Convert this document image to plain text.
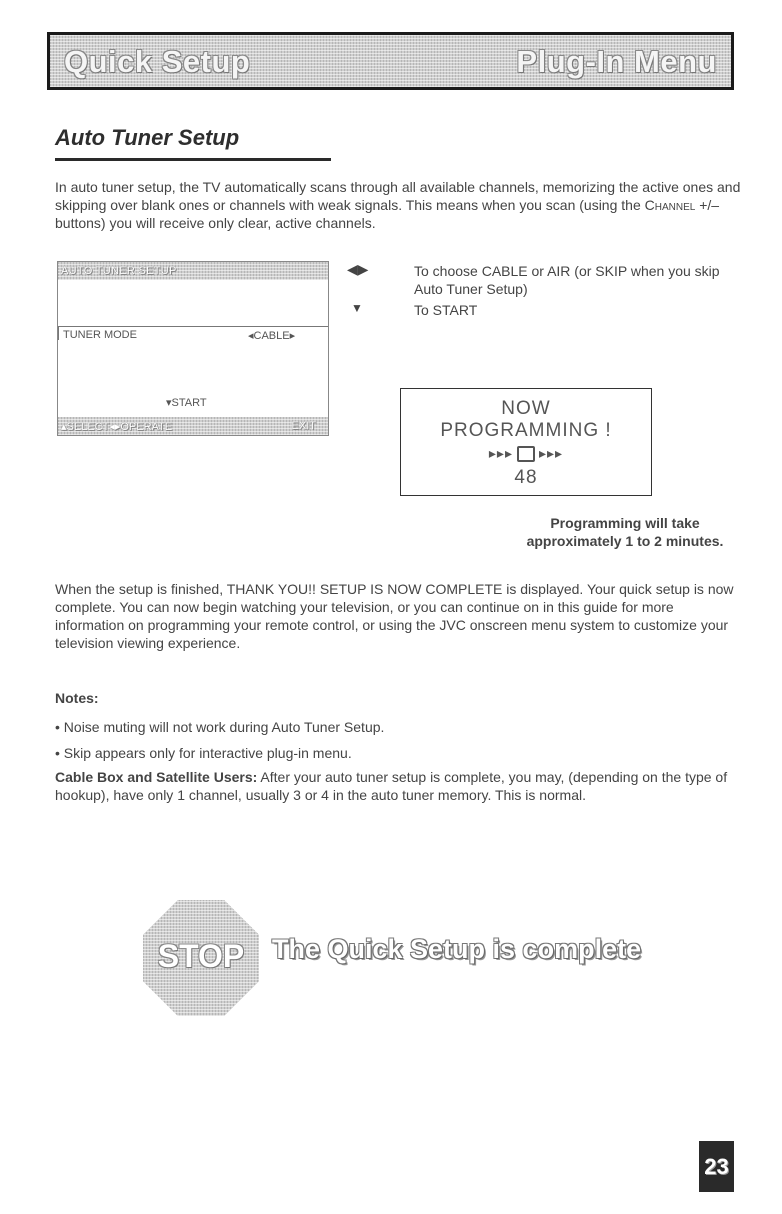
Quick Setup	Plug-In Menu
Auto Tuner Setup
In auto tuner setup, the TV automatically scans through all available channels, memorizing the active ones and skipping over blank ones or channels with weak signals. This means when you scan (using the Channel +/– buttons) you will receive only clear, active channels.
AUTO TUNER SETUP
TUNER MODE	◂CABLE▸
▾START
▴SELECT◂▸OPERATE	EXIT
◀ ▶
▼
To choose CABLE or AIR (or SKIP when you skip Auto Tuner Setup)
To START
NOW
PROGRAMMING !
▸▸▸ ▸▸▸
48
Programming will take approximately 1 to 2 minutes.
When the setup is finished, THANK YOU!! SETUP IS NOW COMPLETE is displayed. Your quick setup is now complete. You can now begin watching your television, or you can continue on in this guide for more information on programming your remote control, or using the JVC onscreen menu system to customize your television viewing experience.
Notes:
• Noise muting will not work during Auto Tuner Setup.
• Skip appears only for interactive plug-in menu.
Cable Box and Satellite Users: After your auto tuner setup is complete, you may, (depending on the type of hookup), have only 1 channel, usually 3 or 4 in the auto tuner memory. This is normal.
STOP	The Quick Setup is complete
23
